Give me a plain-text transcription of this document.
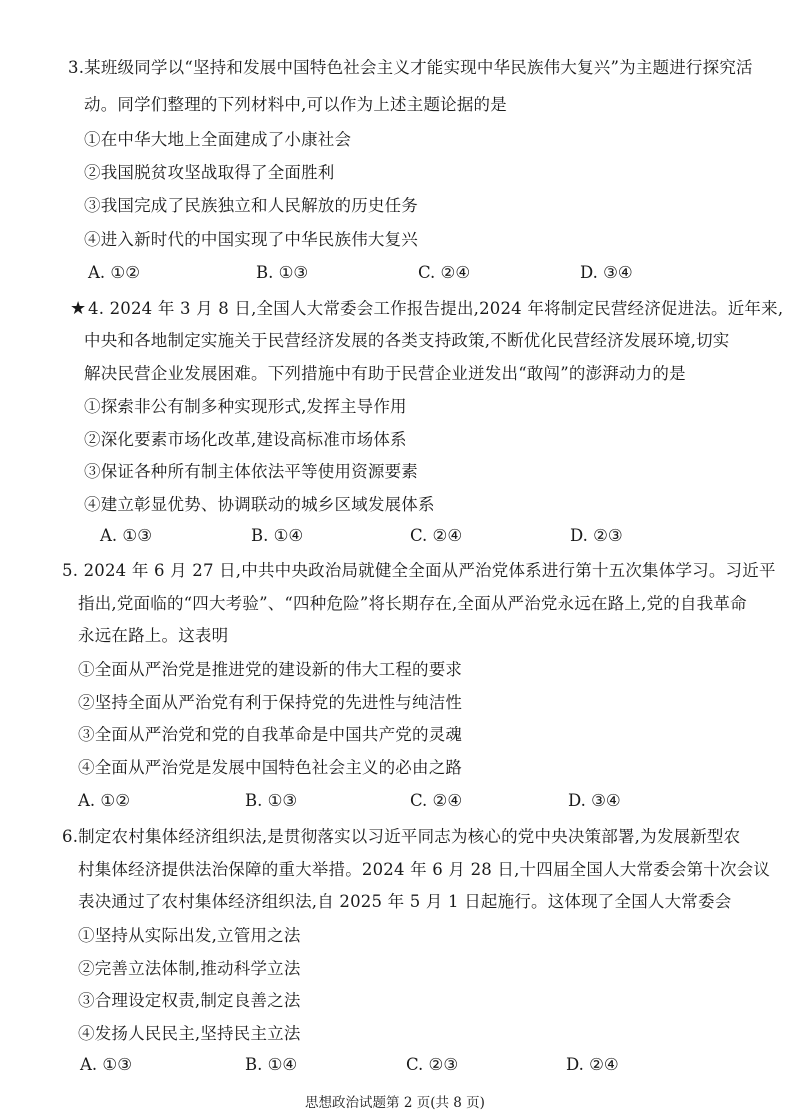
3.某班级同学以“坚持和发展中国特色社会主义才能实现中华民族伟大复兴”为主题进行探究活
动。同学们整理的下列材料中,可以作为上述主题论据的是
①在中华大地上全面建成了小康社会
②我国脱贫攻坚战取得了全面胜利
③我国完成了民族独立和人民解放的历史任务
④进入新时代的中国实现了中华民族伟大复兴
A. ①②	B. ①③	C. ②④	D. ③④
★ 4. 2024 年 3 月 8 日,全国人大常委会工作报告提出,2024 年将制定民营经济促进法。近年来,
中央和各地制定实施关于民营经济发展的各类支持政策,不断优化民营经济发展环境,切实
解决民营企业发展困难。下列措施中有助于民营企业迸发出“敢闯”的澎湃动力的是
①探索非公有制多种实现形式,发挥主导作用
②深化要素市场化改革,建设高标准市场体系
③保证各种所有制主体依法平等使用资源要素
④建立彰显优势、协调联动的城乡区域发展体系
A. ①③	B. ①④	C. ②④	D. ②③
5. 2024 年 6 月 27 日,中共中央政治局就健全全面从严治党体系进行第十五次集体学习。习近平
指出,党面临的“四大考验”、“四种危险”将长期存在,全面从严治党永远在路上,党的自我革命
永远在路上。这表明
①全面从严治党是推进党的建设新的伟大工程的要求
②坚持全面从严治党有利于保持党的先进性与纯洁性
③全面从严治党和党的自我革命是中国共产党的灵魂
④全面从严治党是发展中国特色社会主义的必由之路
A. ①②	B. ①③	C. ②④	D. ③④
6.制定农村集体经济组织法,是贯彻落实以习近平同志为核心的党中央决策部署,为发展新型农
村集体经济提供法治保障的重大举措。2024 年 6 月 28 日,十四届全国人大常委会第十次会议
表决通过了农村集体经济组织法,自 2025 年 5 月 1 日起施行。这体现了全国人大常委会
①坚持从实际出发,立管用之法
②完善立法体制,推动科学立法
③合理设定权责,制定良善之法
④发扬人民民主,坚持民主立法
A. ①③	B. ①④	C. ②③	D. ②④
思想政治试题第 2 页(共 8 页)
